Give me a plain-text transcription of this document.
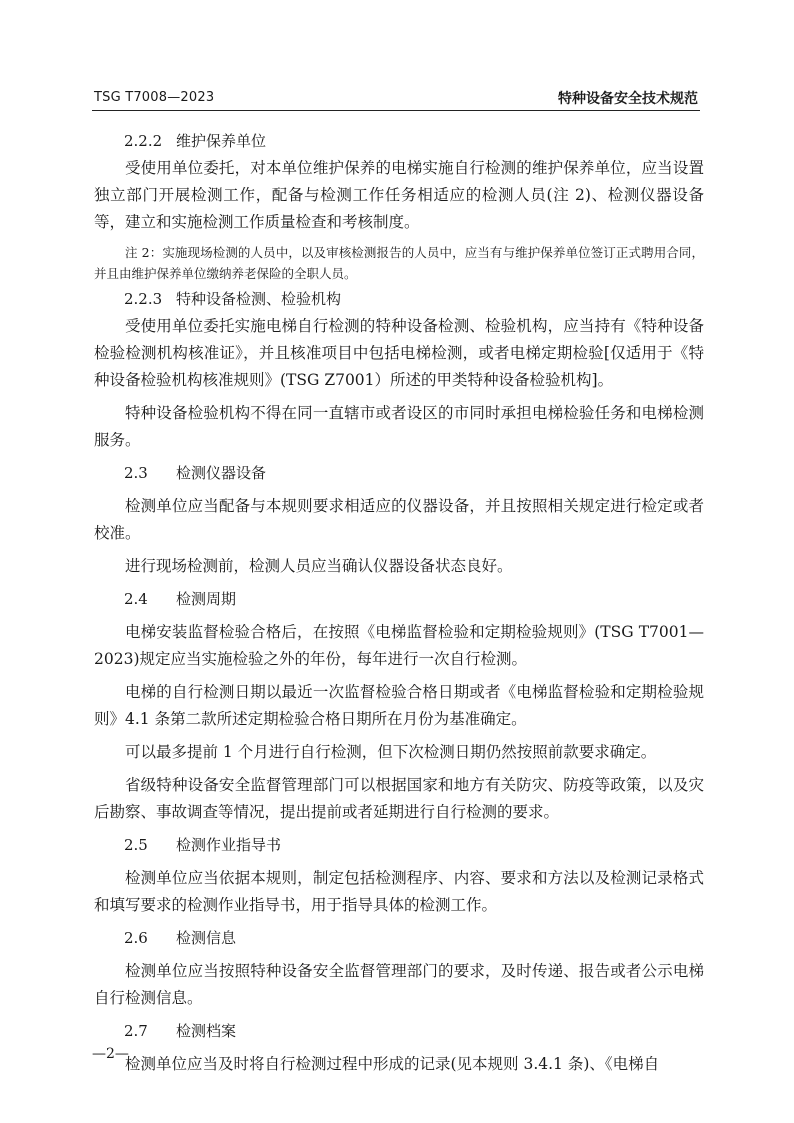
TSG T7008—2023	特种设备安全技术规范
2.2.2 维护保养单位

受使用单位委托，对本单位维护保养的电梯实施自行检测的维护保养单位，应当设置独立部门开展检测工作，配备与检测工作任务相适应的检测人员(注 2)、检测仪器设备等，建立和实施检测工作质量检查和考核制度。

注 2：实施现场检测的人员中，以及审核检测报告的人员中，应当有与维护保养单位签订正式聘用合同，并且由维护保养单位缴纳养老保险的全职人员。

2.2.3 特种设备检测、检验机构

受使用单位委托实施电梯自行检测的特种设备检测、检验机构，应当持有《特种设备检验检测机构核准证》，并且核准项目中包括电梯检测，或者电梯定期检验[仅适用于《特种设备检验机构核准规则》(TSG Z7001）所述的甲类特种设备检验机构]。

特种设备检验机构不得在同一直辖市或者设区的市同时承担电梯检验任务和电梯检测服务。

2.3 检测仪器设备

检测单位应当配备与本规则要求相适应的仪器设备，并且按照相关规定进行检定或者校准。

进行现场检测前，检测人员应当确认仪器设备状态良好。

2.4 检测周期

电梯安装监督检验合格后，在按照《电梯监督检验和定期检验规则》(TSG T7001—2023)规定应当实施检验之外的年份，每年进行一次自行检测。

电梯的自行检测日期以最近一次监督检验合格日期或者《电梯监督检验和定期检验规则》4.1 条第二款所述定期检验合格日期所在月份为基准确定。

可以最多提前 1 个月进行自行检测，但下次检测日期仍然按照前款要求确定。

省级特种设备安全监督管理部门可以根据国家和地方有关防灾、防疫等政策，以及灾后勘察、事故调查等情况，提出提前或者延期进行自行检测的要求。

2.5 检测作业指导书

检测单位应当依据本规则，制定包括检测程序、内容、要求和方法以及检测记录格式和填写要求的检测作业指导书，用于指导具体的检测工作。

2.6 检测信息

检测单位应当按照特种设备安全监督管理部门的要求，及时传递、报告或者公示电梯自行检测信息。

2.7 检测档案

检测单位应当及时将自行检测过程中形成的记录(见本规则 3.4.1 条)、《电梯自

—2—
